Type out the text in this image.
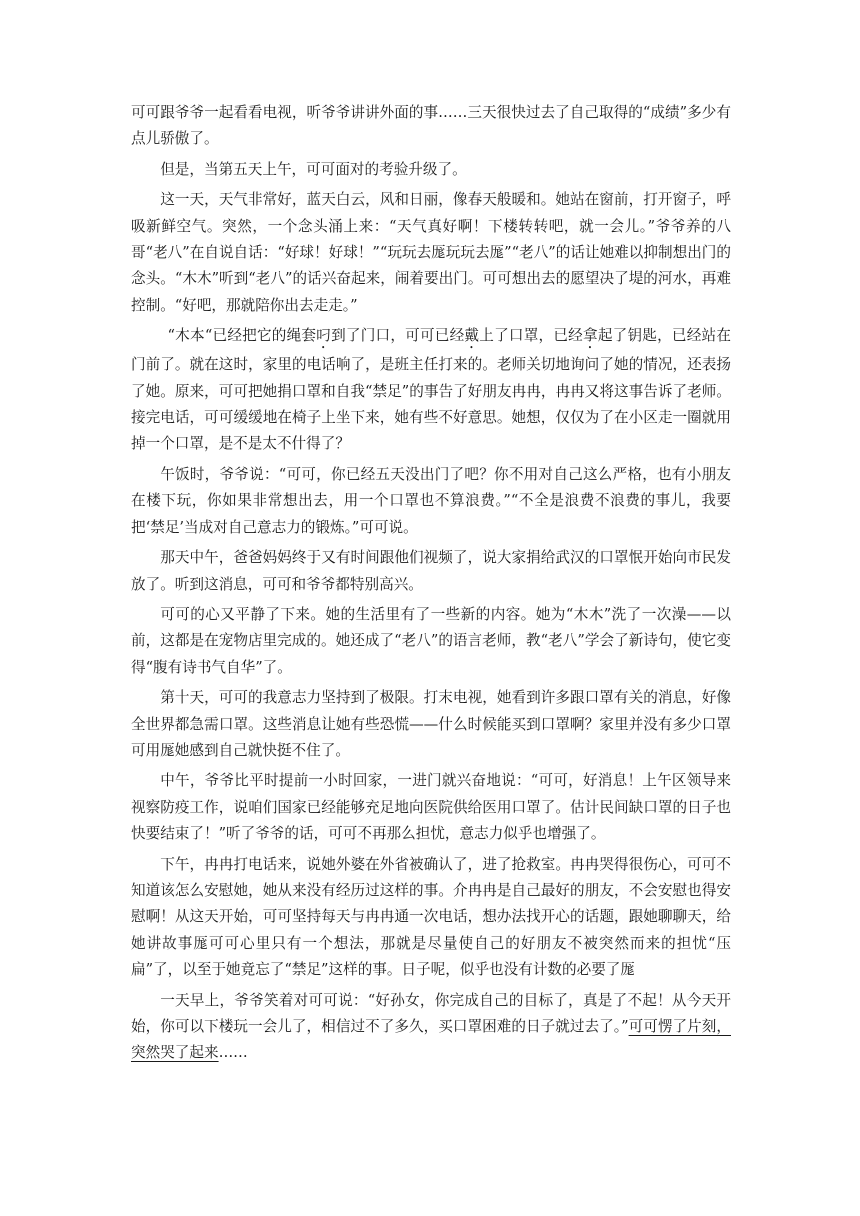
可可跟爷爷一起看看电视，听爷爷讲讲外面的事……三天很快过去了自己取得的“成绩”多少有点儿骄傲了。

但是，当第五天上午，可可面对的考验升级了。

这一天，天气非常好，蓝天白云，风和日丽，像春天般暖和。她站在窗前，打开窗子，呼吸新鲜空气。突然，一个念头涌上来：“天气真好啊！下楼转转吧，就一会儿。”爷爷养的八哥“老八”在自说自话：“好球！好球！”“玩玩去厖玩玩去厖”“老八”的话让她难以抑制想出门的念头。“木木”听到“老八”的话兴奋起来，闹着要出门。可可想出去的愿望决了堤的河水，再难控制。“好吧，那就陪你出去走走。”

“木本“已经把它的绳套叼到了门口，可可已经戴上了口罩，已经拿起了钥匙，已经站在门前了。就在这时，家里的电话响了，是班主任打来的。老师关切地询问了她的情况，还表扬了她。原来，可可把她捐口罩和自我“禁足”的事告了好朋友冉冉，冉冉又将这事告诉了老师。接完电话，可可缓缓地在椅子上坐下来，她有些不好意思。她想，仅仅为了在小区走一圈就用掉一个口罩，是不是太不什得了？

午饭时，爷爷说：“可可，你已经五天没出门了吧？你不用对自己这么严格，也有小朋友在楼下玩，你如果非常想出去，用一个口罩也不算浪费。”“不全是浪费不浪费的事儿，我要把‘禁足’当成对自己意志力的锻炼。”可可说。

那天中午，爸爸妈妈终于又有时间跟他们视频了，说大家捐给武汉的口罩怋开始向市民发放了。听到这消息，可可和爷爷都特别高兴。

可可的心又平静了下来。她的生活里有了一些新的内容。她为“木木”洗了一次澡——以前，这都是在宠物店里完成的。她还成了“老八”的语言老师，教“老八”学会了新诗句，使它变得“腹有诗书气自华”了。

第十天，可可的我意志力坚持到了极限。打末电视，她看到许多跟口罩有关的消息，好像全世界都急需口罩。这些消息让她有些恐慌——什么时候能买到口罩啊？家里并没有多少口罩可用厖她感到自己就快挺不住了。

中午，爷爷比平时提前一小时回家，一进门就兴奋地说：“可可，好消息！上午区领导来视察防疫工作，说咱们国家已经能够充足地向医院供给医用口罩了。估计民间缺口罩的日子也快要结束了！”听了爷爷的话，可可不再那么担忧，意志力似乎也增强了。

下午，冉冉打电话来，说她外婆在外省被确认了，进了抢救室。冉冉哭得很伤心，可可不知道该怎么安慰她，她从来没有经历过这样的事。介冉冉是自己最好的朋友，不会安慰也得安慰啊！从这天开始，可可坚持每天与冉冉通一次电话，想办法找开心的话题，跟她聊聊天，给她讲故事厖可可心里只有一个想法，那就是尽量使自己的好朋友不被突然而来的担忧“压扁”了，以至于她竟忘了“禁足”这样的事。日子呢，似乎也没有计数的必要了厖

一天早上，爷爷笑着对可可说：“好孙女，你完成自己的目标了，真是了不起！从今天开始，你可以下楼玩一会儿了，相信过不了多久，买口罩困难的日子就过去了。”可可愣了片刻，突然哭了起来……
